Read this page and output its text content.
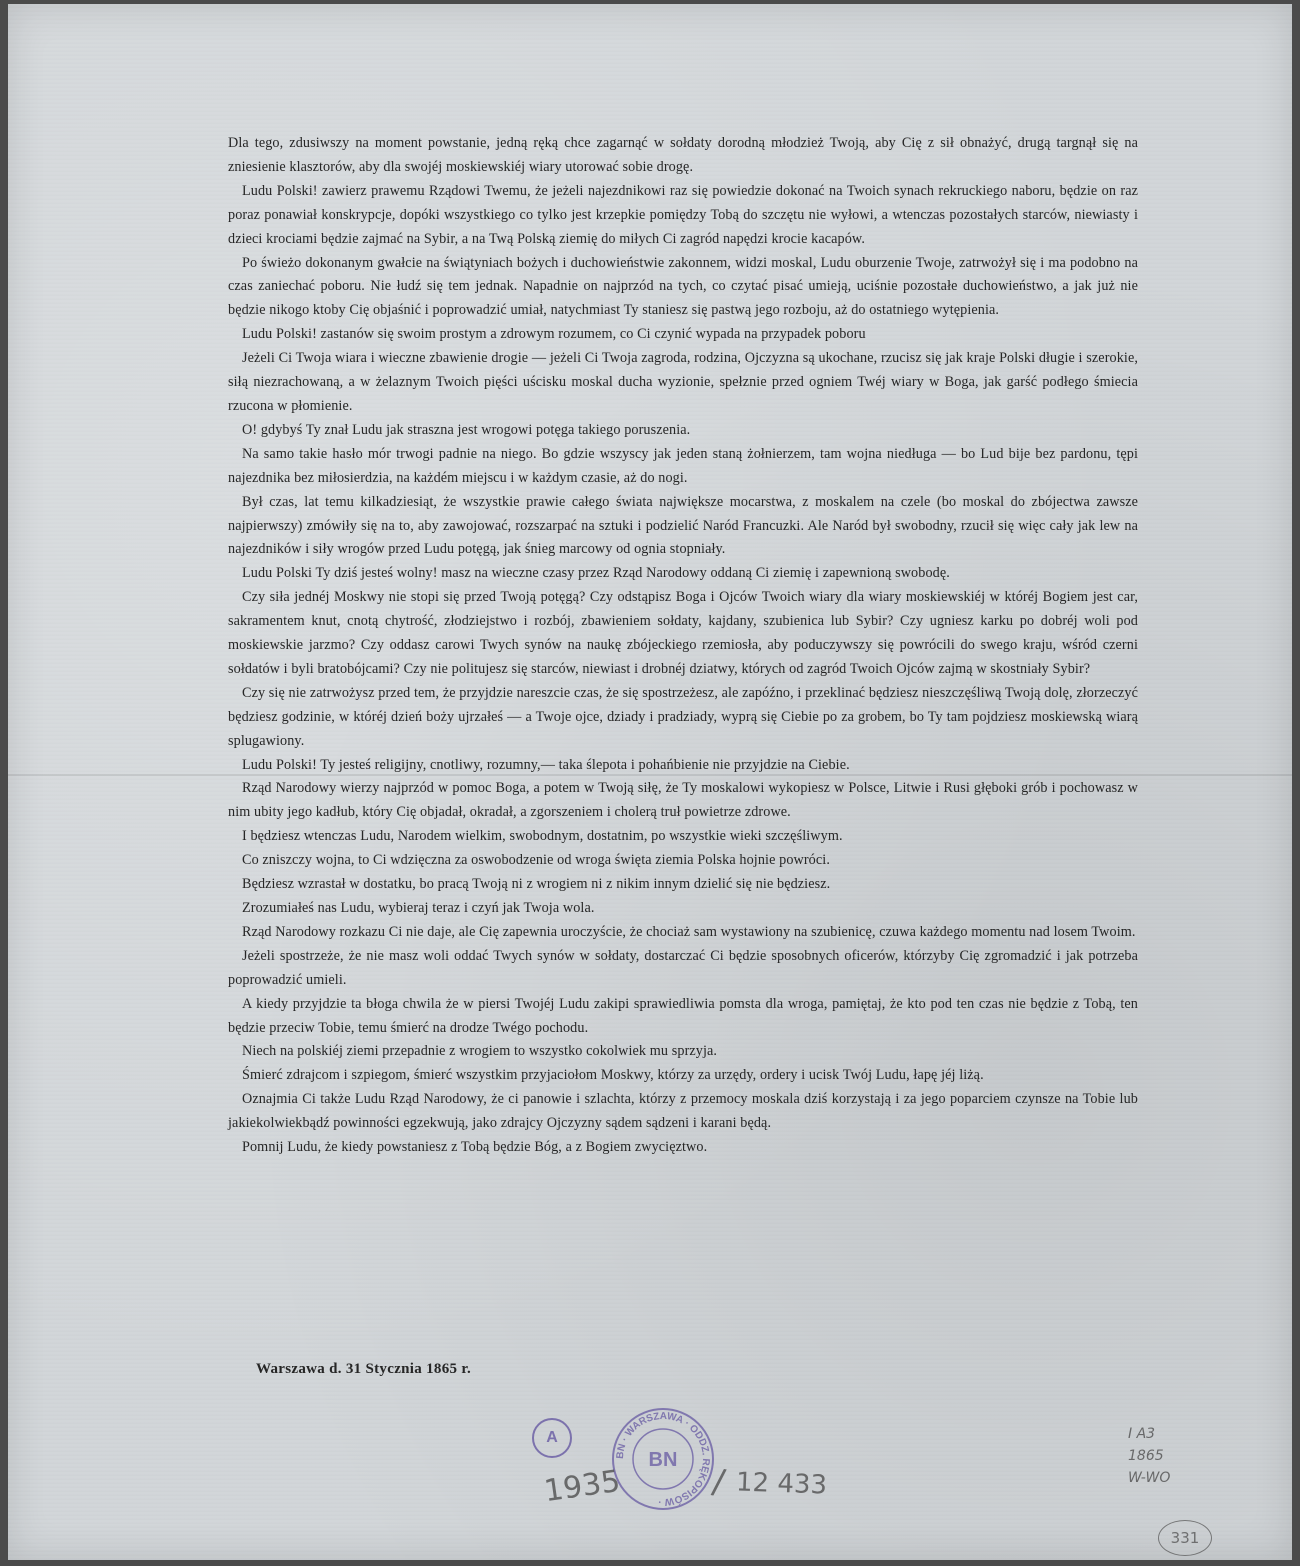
Dla tego, zdusiwszy na moment powstanie, jedną ręką chce zagarnąć w sołdaty dorodną młodzież Twoją, aby Cię z sił obnażyć, drugą targnął się na zniesienie klasztorów, aby dla swojéj moskiewskiéj wiary utorować sobie drogę.

Ludu Polski! zawierz prawemu Rządowi Twemu, że jeżeli najezdnikowi raz się powiedzie dokonać na Twoich synach rekruckiego naboru, będzie on raz poraz ponawiał konskrypcje, dopóki wszystkiego co tylko jest krzepkie pomiędzy Tobą do szczętu nie wyłowi, a wtenczas pozostałych starców, niewiasty i dzieci krociami będzie zajmać na Sybir, a na Twą Polską ziemię do miłych Ci zagród napędzi krocie kacapów.

Po świeżo dokonanym gwałcie na świątyniach bożych i duchowieństwie zakonnem, widzi moskal, Ludu oburzenie Twoje, zatrwożył się i ma podobno na czas zaniechać poboru. Nie łudź się tem jednak. Napadnie on najprzód na tych, co czytać pisać umieją, uciśnie pozostałe duchowieństwo, a jak już nie będzie nikogo ktoby Cię objaśnić i poprowadzić umiał, natychmiast Ty staniesz się pastwą jego rozboju, aż do ostatniego wytępienia.

Ludu Polski! zastanów się swoim prostym a zdrowym rozumem, co Ci czynić wypada na przypadek poboru

Jeżeli Ci Twoja wiara i wieczne zbawienie drogie — jeżeli Ci Twoja zagroda, rodzina, Ojczyzna są ukochane, rzucisz się jak kraje Polski długie i szerokie, siłą niezrachowaną, a w żelaznym Twoich pięści uścisku moskal ducha wyzionie, spełznie przed ogniem Twéj wiary w Boga, jak garść podłego śmiecia rzucona w płomienie.

O! gdybyś Ty znał Ludu jak straszna jest wrogowi potęga takiego poruszenia.

Na samo takie hasło mór trwogi padnie na niego. Bo gdzie wszyscy jak jeden staną żołnierzem, tam wojna niedługa — bo Lud bije bez pardonu, tępi najezdnika bez miłosierdzia, na każdém miejscu i w każdym czasie, aż do nogi.

Był czas, lat temu kilkadziesiąt, że wszystkie prawie całego świata największe mocarstwa, z moskalem na czele (bo moskal do zbójectwa zawsze najpierwszy) zmówiły się na to, aby zawojować, rozszarpać na sztuki i podzielić Naród Francuzki. Ale Naród był swobodny, rzucił się więc cały jak lew na najezdników i siły wrogów przed Ludu potęgą, jak śnieg marcowy od ognia stopniały.

Ludu Polski Ty dziś jesteś wolny! masz na wieczne czasy przez Rząd Narodowy oddaną Ci ziemię i zapewnioną swobodę.

Czy siła jednéj Moskwy nie stopi się przed Twoją potęgą? Czy odstąpisz Boga i Ojców Twoich wiary dla wiary moskiewskiéj w któréj Bogiem jest car, sakramentem knut, cnotą chytrość, złodziejstwo i rozbój, zbawieniem sołdaty, kajdany, szubienica lub Sybir? Czy ugniesz karku po dobréj woli pod moskiewskie jarzmo? Czy oddasz carowi Twych synów na naukę zbójeckiego rzemiosła, aby poduczywszy się powrócili do swego kraju, wśród czerni sołdatów i byli bratobójcami? Czy nie politujesz się starców, niewiast i drobnéj dziatwy, których od zagród Twoich Ojców zajmą w skostniały Sybir?

Czy się nie zatrwożysz przed tem, że przyjdzie nareszcie czas, że się spostrzeżesz, ale zapóźno, i przeklinać będziesz nieszczęśliwą Twoją dolę, złorzeczyć będziesz godzinie, w któréj dzień boży ujrzałeś — a Twoje ojce, dziady i pradziady, wyprą się Ciebie po za grobem, bo Ty tam pojdziesz moskiewską wiarą splugawiony.

Ludu Polski! Ty jesteś religijny, cnotliwy, rozumny,— taka ślepota i pohańbienie nie przyjdzie na Ciebie.

Rząd Narodowy wierzy najprzód w pomoc Boga, a potem w Twoją siłę, że Ty moskalowi wykopiesz w Polsce, Litwie i Rusi głęboki grób i pochowasz w nim ubity jego kadłub, który Cię objadał, okradał, a zgorszeniem i cholerą truł powietrze zdrowe.

I będziesz wtenczas Ludu, Narodem wielkim, swobodnym, dostatnim, po wszystkie wieki szczęśliwym.

Co zniszczy wojna, to Ci wdzięczna za oswobodzenie od wroga święta ziemia Polska hojnie powróci.

Będziesz wzrastał w dostatku, bo pracą Twoją ni z wrogiem ni z nikim innym dzielić się nie będziesz.

Zrozumiałeś nas Ludu, wybieraj teraz i czyń jak Twoja wola.

Rząd Narodowy rozkazu Ci nie daje, ale Cię zapewnia uroczyście, że chociaż sam wystawiony na szubienicę, czuwa każdego momentu nad losem Twoim.

Jeżeli spostrzeże, że nie masz woli oddać Twych synów w sołdaty, dostarczać Ci będzie sposobnych oficerów, którzyby Cię zgromadzić i jak potrzeba poprowadzić umieli.

A kiedy przyjdzie ta błoga chwila że w piersi Twojéj Ludu zakipi sprawiedliwia pomsta dla wroga, pamiętaj, że kto pod ten czas nie będzie z Tobą, ten będzie przeciw Tobie, temu śmierć na drodze Twégo pochodu.

Niech na polskiéj ziemi przepadnie z wrogiem to wszystko cokolwiek mu sprzyja.

Śmierć zdrajcom i szpiegom, śmierć wszystkim przyjaciołom Moskwy, którzy za urzędy, ordery i ucisk Twój Ludu, łapę jéj liżą.

Oznajmia Ci także Ludu Rząd Narodowy, że ci panowie i szlachta, którzy z przemocy moskala dziś korzystają i za jego poparciem czynsze na Tobie lub jakiekolwiekbądź powinności egzekwują, jako zdrajcy Ojczyzny sądem sądzeni i karani będą.

Pomnij Ludu, że kiedy powstaniesz z Tobą będzie Bóg, a z Bogiem zwycięztwo.

Warszawa d. 31 Stycznia 1865 r.
A
BN · WARSZAWA · ODDZ. RĘKOPISÓW ·
BN
1935	/ 12 433
I A3
1865
W-WO
331
